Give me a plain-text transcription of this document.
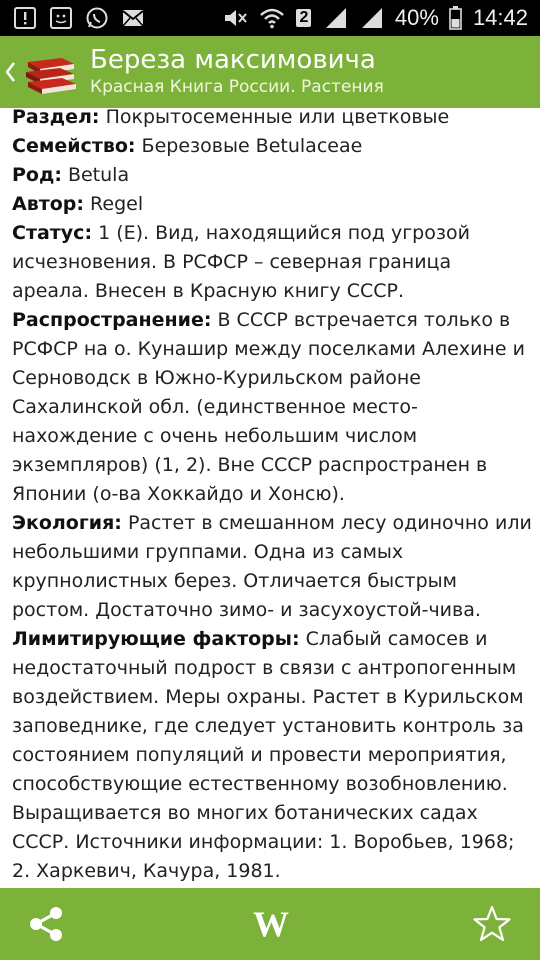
2	40% 14:42
Береза максимовича
Красная Книга России. Растения

Раздел: Покрытосеменные или цветковые

Семейство: Березовые Betulaceae

Род: Betula

Автор: Regel

Статус: 1 (Е). Вид, находящийся под угрозой исчезновения. В РСФСР – северная граница ареала. Внесен в Красную книгу СССР.

Распространение: В СССР встречается только в РСФСР на о. Кунашир между поселками Алехине и Серноводск в Южно-Курильском районе Сахалинской обл. (единственное место-нахождение с очень небольшим числом экземпляров) (1, 2). Вне СССР распространен в Японии (о-ва Хоккайдо и Хонсю).

Экология: Растет в смешанном лесу одиночно или небольшими группами. Одна из самых крупнолистных берез. Отличается быстрым ростом. Достаточно зимо- и засухоустой-чива.

Лимитирующие факторы: Слабый самосев и недостаточный подрост в связи с антропогенным воздействием. Меры охраны. Растет в Курильском заповеднике, где следует установить контроль за состоянием популяций и провести мероприятия, способствующие естественному возобновлению. Выращивается во многих ботанических садах СССР. Источники информации: 1. Воробьев, 1968; 2. Харкевич, Качура, 1981.

W
